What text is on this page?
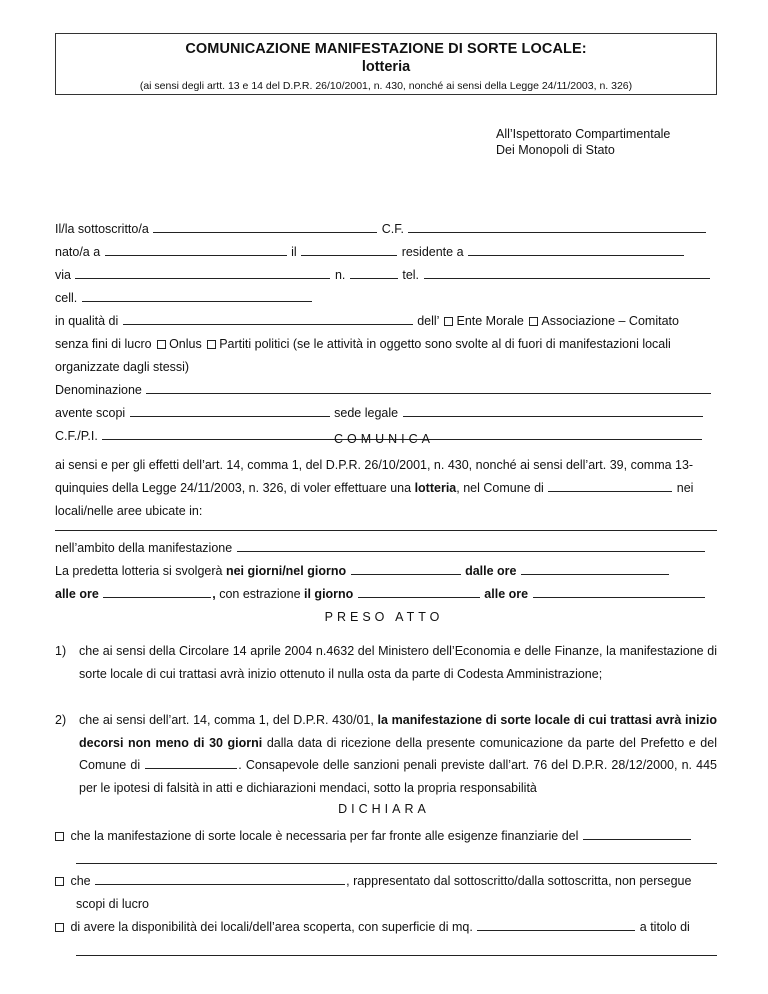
COMUNICAZIONE MANIFESTAZIONE DI SORTE LOCALE:
lotteria
(ai sensi degli artt. 13 e 14 del D.P.R. 26/10/2001, n. 430, nonché ai sensi della Legge 24/11/2003, n. 326)
All’Ispettorato Compartimentale
Dei Monopoli di Stato
Il/la sottoscritto/a	C.F.
nato/a a	il	residente a
via	n.	tel.
cell.
in qualità di	dell’ Ente Morale Associazione – Comitato
senza fini di lucro Onlus Partiti politici (se le attività in oggetto sono svolte al di fuori di manifestazioni locali
organizzate dagli stessi)
Denominazione
avente scopi	sede legale
C.F./P.I.	COMUNICA
ai sensi e per gli effetti dell’art. 14, comma 1, del D.P.R. 26/10/2001, n. 430, nonché ai sensi dell’art. 39, comma 13-
quinquies della Legge 24/11/2003, n. 326, di voler effettuare una lotteria, nel Comune di	nei
locali/nelle aree ubicate in:
nell’ambito della manifestazione
La predetta lotteria si svolgerà nei giorni/nel giorno	dalle ore
alle ore	, con estrazione il giorno	alle ore
PRESO ATTO
1) che ai sensi della Circolare 14 aprile 2004 n.4632 del Ministero dell’Economia e delle Finanze, la manifestazione di sorte locale di cui trattasi avrà inizio ottenuto il nulla osta da parte di Codesta Amministrazione;
2) che ai sensi dell’art. 14, comma 1, del D.P.R. 430/01, la manifestazione di sorte locale di cui trattasi avrà inizio decorsi non meno di 30 giorni dalla data di ricezione della presente comunicazione da parte del Prefetto e del Comune di	. Consapevole delle sanzioni penali previste dall’art. 76 del D.P.R. 28/12/2000, n. 445 per le ipotesi di falsità in atti e dichiarazioni mendaci, sotto la propria responsabilità
DICHIARA
che la manifestazione di sorte locale è necessaria per far fronte alle esigenze finanziarie del
che	, rappresentato dal sottoscritto/dalla sottoscritta, non persegue
scopi di lucro
di avere la disponibilità dei locali/dell’area scoperta, con superficie di mq.	a titolo di
